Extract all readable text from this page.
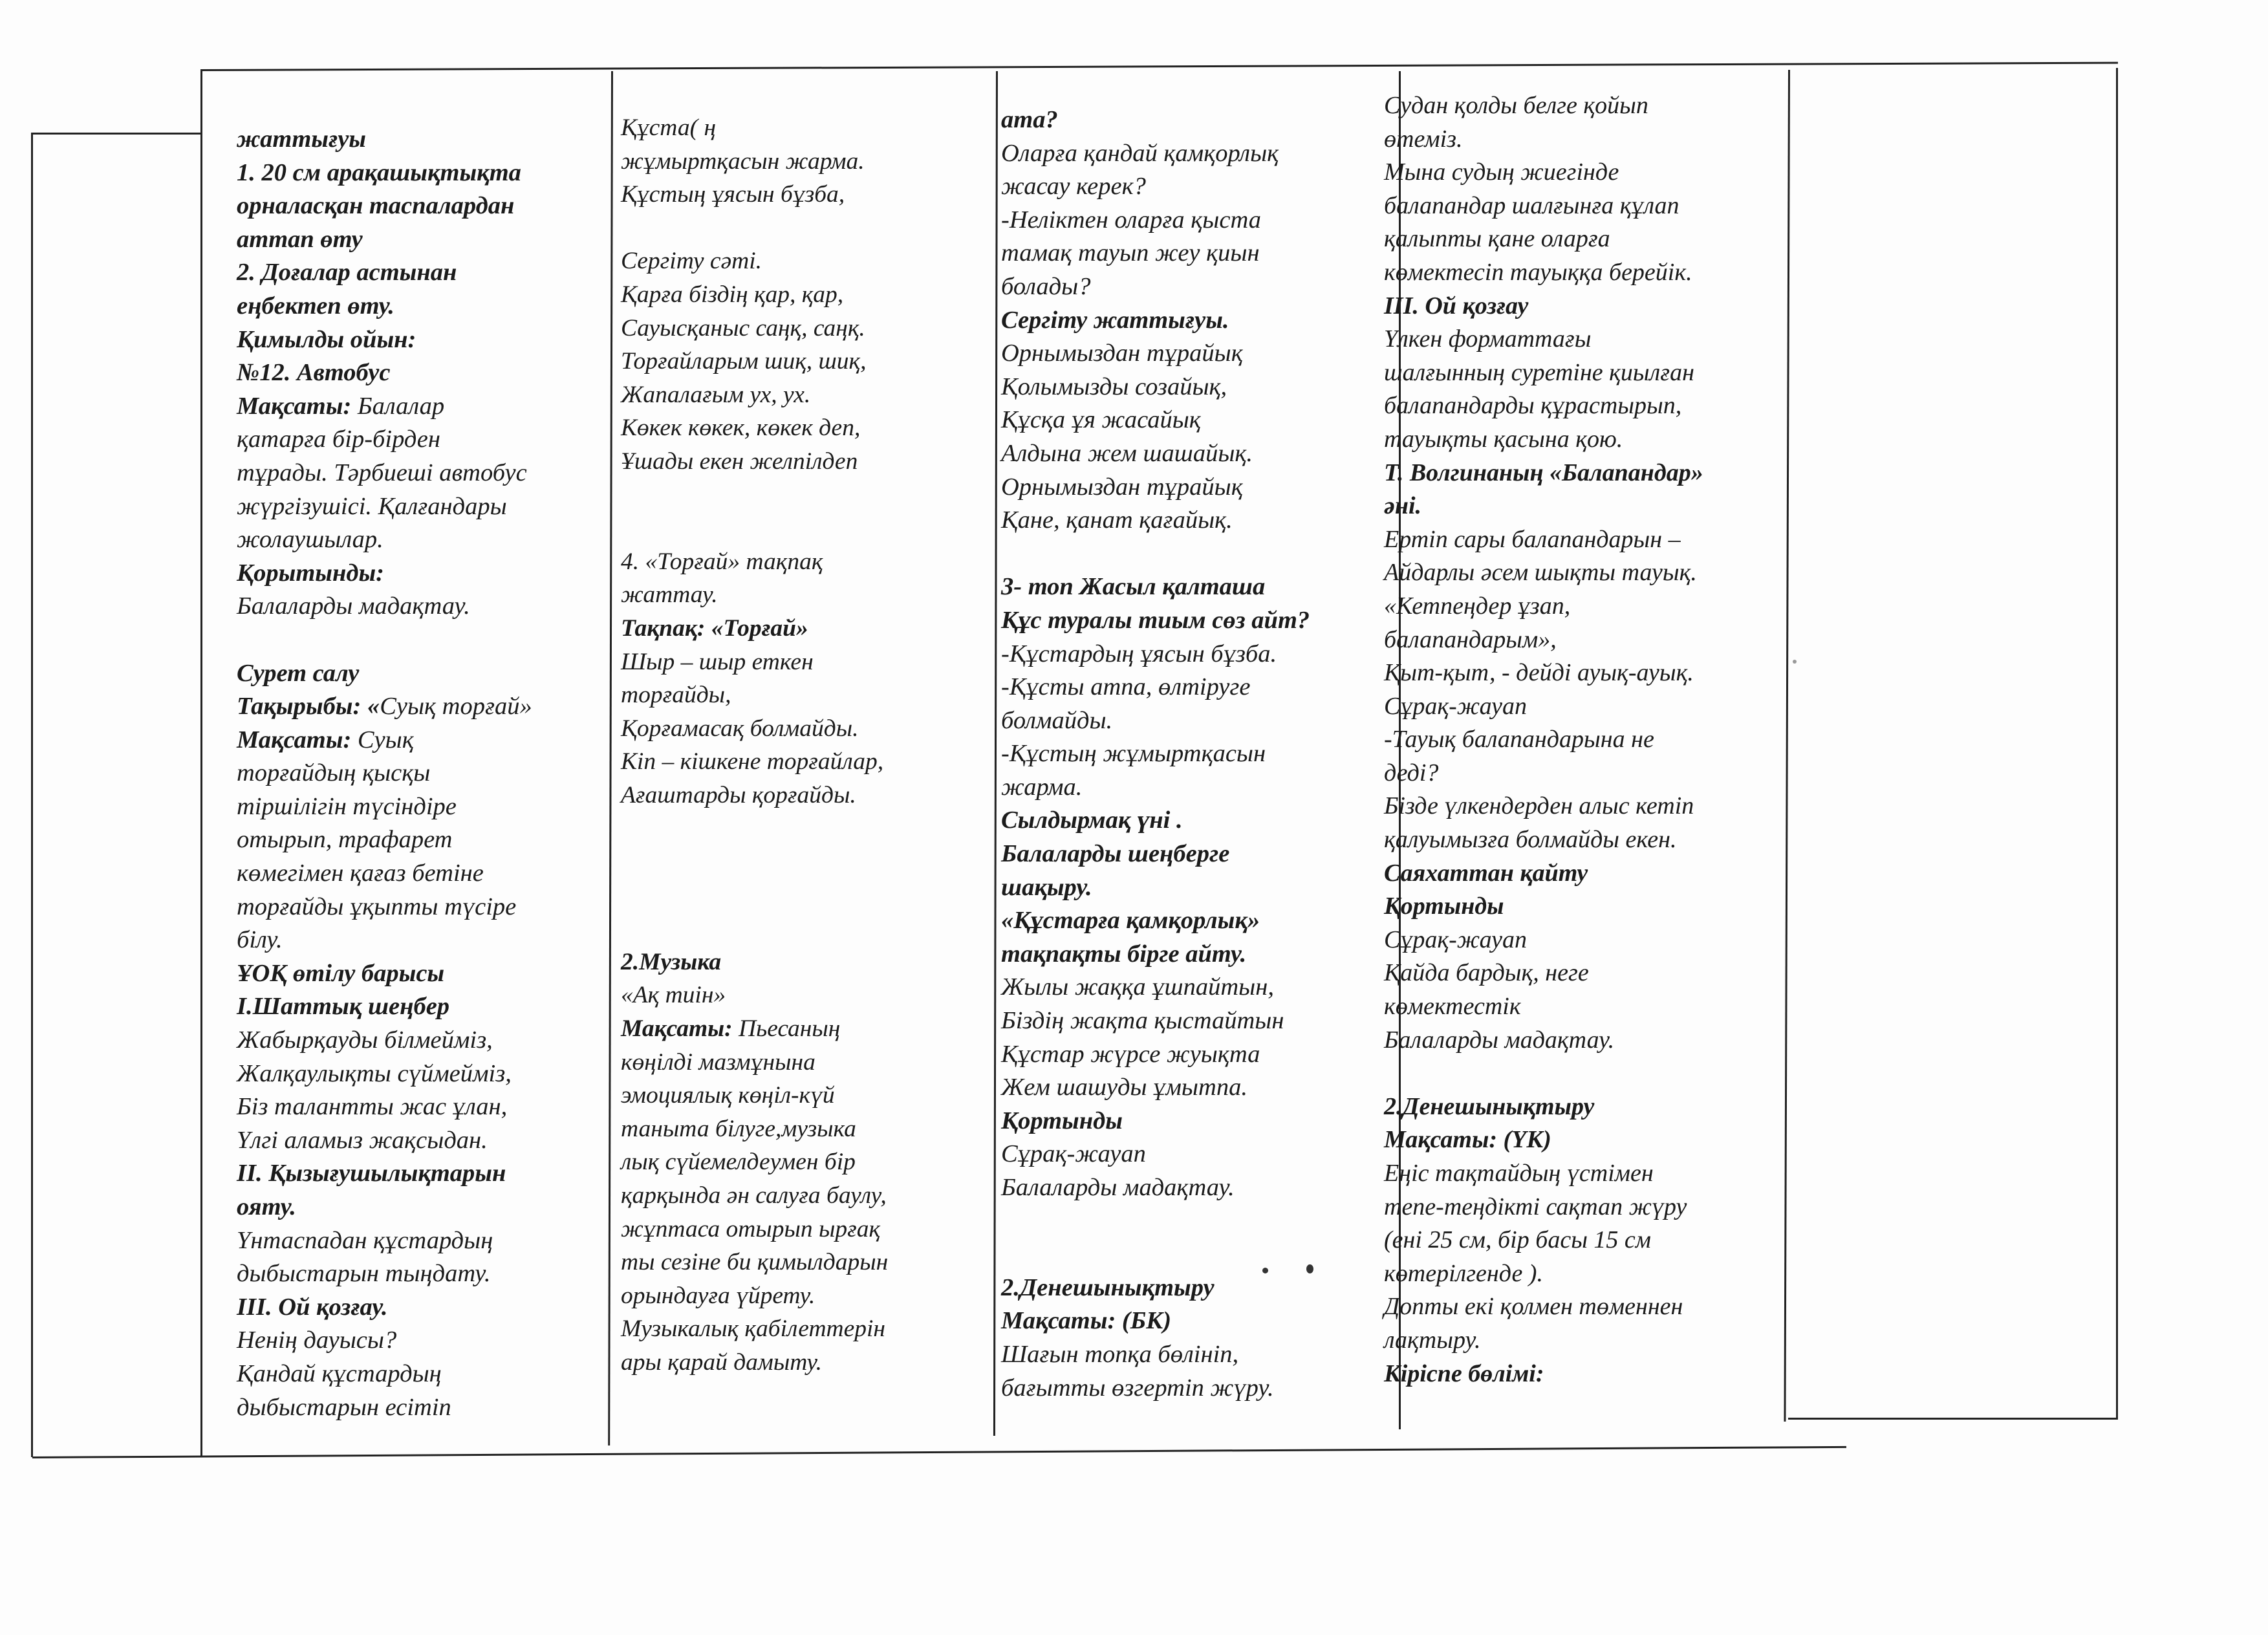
жаттығуы
1. 20 см арақашықтықта
орналасқан таспалардан
аттап өту
2. Доғалар астынан
еңбектеп өту.
Қимылды ойын:
№12. Автобус
Мақсаты: Балалар
қатарға бір-бірден
тұрады. Тәрбиеші автобус
жүргізушісі. Қалғандары
жолаушылар.
Қорытынды:
Балаларды мадақтау.
Сурет салу
Тақырыбы: «Суық торғай»
Мақсаты: Суық
торғайдың қысқы
тіршілігін түсіндіре
отырып, трафарет
көмегімен қағаз бетіне
торғайды ұқыпты түсіре
білу.
ҰОҚ өтілу барысы
I.Шаттық шеңбер
Жабырқауды білмейміз,
Жалқаулықты сүймейміз,
Біз талантты жас ұлан,
Үлгі аламыз жақсыдан.
II. Қызығушылықтарын
ояту.
Үнтаспадан құстардың
дыбыстарын тыңдату.
III. Ой қозғау.
Ненің дауысы?
Қандай құстардың
дыбыстарын есітіп
Құста( ң
жұмыртқасын жарма.
Құстың ұясын бұзба,
Сергіту сәті.
Қарға біздің қар, қар,
Сауысқаныс саңқ, саңқ.
Торғайларым шиқ, шиқ,
Жапалағым ух, ух.
Көкек көкек, көкек деп,
Ұшады екен желпілдеп
4. «Торғай» тақпақ
жаттау.
Тақпақ: «Торғай»
Шыр – шыр еткен
торғайды,
Қорғамасақ болмайды.
Кіп – кішкене торғайлар,
Ағаштарды қорғайды.
2.Музыка
«Ақ тиін»
Мақсаты: Пьесаның
көңілді мазмұнына
эмоциялық көңіл-күй
таныта білуге,музыка
лық сүйемелдеумен бір
қарқында ән салуға баулу,
жұптаса отырып ырғақ
ты сезіне би қимылдарын
орындауға үйрету.
Музыкалық қабілеттерін
ары қарай дамыту.
ата?
Оларға қандай қамқорлық
жасау керек?
-Неліктен оларға қыста
тамақ тауып жеу қиын
болады?
Сергіту жаттығуы.
Орнымыздан тұрайық
Қолымызды созайық,
Құсқа ұя жасайық
Алдына жем шашайық.
Орнымыздан тұрайық
Қане, қанат қағайық.
3- топ Жасыл қалташа
Құс туралы тиым сөз айт?
-Құстардың ұясын бұзба.
-Құсты атпа, өлтіруге
болмайды.
-Құстың жұмыртқасын
жарма.
Сылдырмақ үні .
Балаларды шеңберге
шақыру.
«Құстарға қамқорлық»
тақпақты бірге айту.
Жылы жаққа ұшпайтын,
Біздің жақта қыстайтын
Құстар жүрсе жуықта
Жем шашуды ұмытпа.
Қортынды
Сұрақ-жауап
Балаларды мадақтау.
2.Денешынықтыру
Мақсаты: (БК)
Шағын топқа бөлініп,
бағытты өзгертіп жүру.
Судан қолды белге қойып
өтеміз.
Мына судың жиегінде
балапандар шалғынға құлап
қалыпты қане оларға
көмектесіп тауыққа берейік.
III. Ой қозғау
Үлкен форматтағы
шалғынның суретіне қиылған
балапандарды құрастырып,
тауықты қасына қою.
Т. Волгинаның «Балапандар»
әні.
Ертіп сары балапандарын –
Айдарлы әсем шықты тауық.
«Кетпеңдер ұзап,
балапандарым»,
Қыт-қыт, - дейді ауық-ауық.
Сұрақ-жауап
-Тауық балапандарына не
деді?
Бізде үлкендерден алыс кетіп
қалуымызға болмайды екен.
Саяхаттан қайту
Қортынды
Сұрақ-жауап
Қайда бардық, неге
көмектестік
Балаларды мадақтау.
2.Денешынықтыру
Мақсаты: (ҮК)
Еңіс тақтайдың үстімен
тепе-теңдікті сақтап жүру
(ені 25 см, бір басы 15 см
көтерілгенде ).
Допты екі қолмен төменнен
лақтыру.
Кіріспе бөлімі:
